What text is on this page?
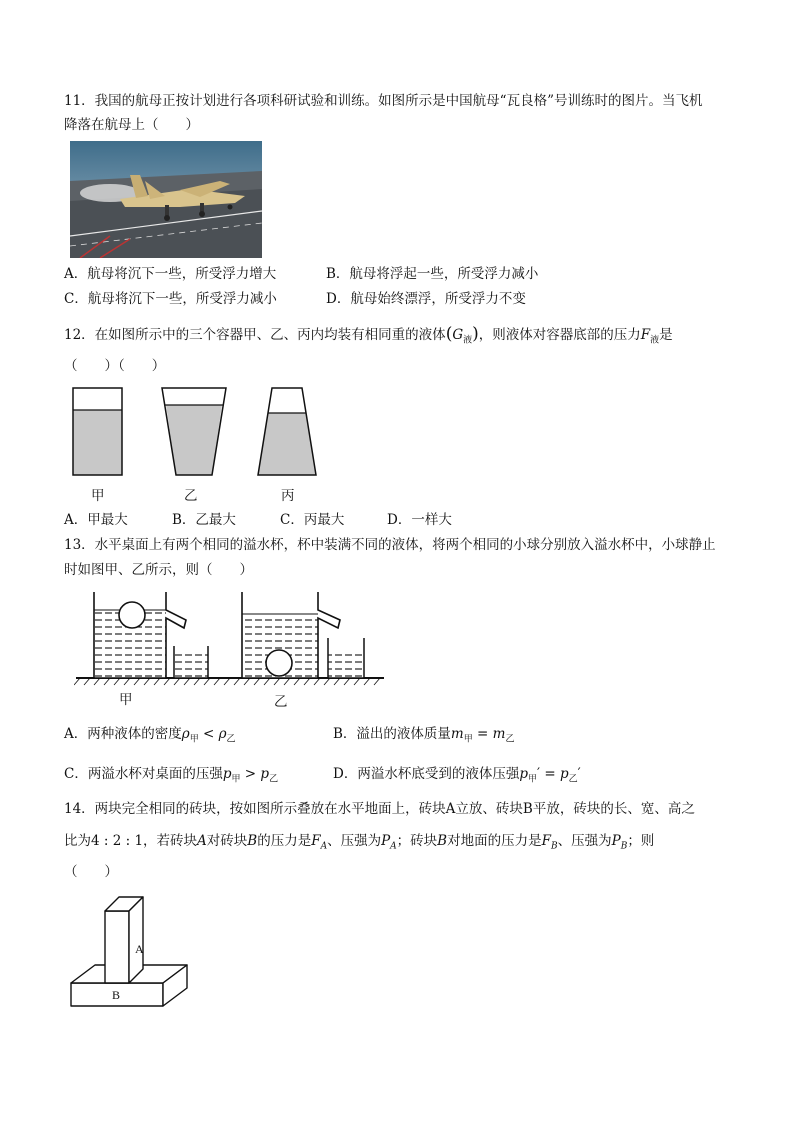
11．我国的航母正按计划进行各项科研试验和训练。如图所示是中国航母“瓦良格”号训练时的图片。当飞机
降落在航母上（　　）
A．航母将沉下一些，所受浮力增大	B．航母将浮起一些，所受浮力减小
C．航母将沉下一些，所受浮力减小	D．航母始终漂浮，所受浮力不变
12．在如图所示中的三个容器甲、乙、丙内均装有相同重的液体$(G_液)$，则液体对容器底部的压力$F_液$是
（　　）（　　）
甲	乙	丙
A．甲最大	B．乙最大	C．丙最大	D．一样大
13．水平桌面上有两个相同的溢水杯，杯中装满不同的液体，将两个相同的小球分别放入溢水杯中，小球静止
时如图甲、乙所示，则（　　）
甲	乙
A．两种液体的密度$\rho_甲 < \rho_乙$	B．溢出的液体质量$m_甲 = m_乙$
C．两溢水杯对桌面的压强$p_甲 > p_乙$	D．两溢水杯底受到的液体压强$p_甲' = p_乙'$
14．两块完全相同的砖块，按如图所示叠放在水平地面上，砖块A立放、砖块B平放，砖块的长、宽、高之
比为4 : 2 : 1，若砖块A对砖块B的压力是$F_A$、压强为$P_A$；砖块B对地面的压力是$F_B$、压强为$P_B$；则
（　　）
A
B
